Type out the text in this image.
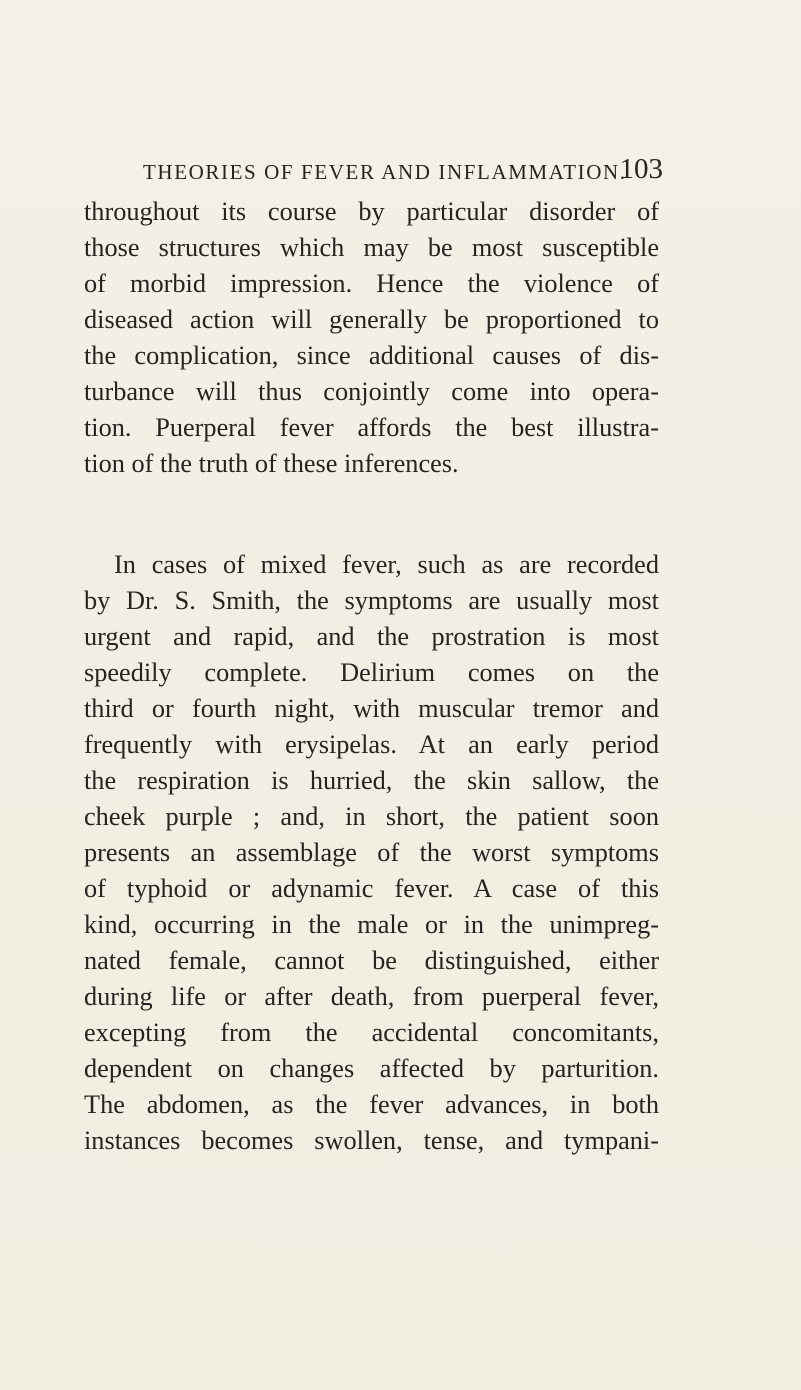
THEORIES OF FEVER AND INFLAMMATION.
103
throughout its course by particular disorder of
those structures which may be most susceptible
of morbid impression. Hence the violence of
diseased action will generally be proportioned to
the complication, since additional causes of dis-
turbance will thus conjointly come into opera-
tion. Puerperal fever affords the best illustra-
tion of the truth of these inferences.
In cases of mixed fever, such as are recorded
by Dr. S. Smith, the symptoms are usually most
urgent and rapid, and the prostration is most
speedily complete. Delirium comes on the
third or fourth night, with muscular tremor and
frequently with erysipelas. At an early period
the respiration is hurried, the skin sallow, the
cheek purple ; and, in short, the patient soon
presents an assemblage of the worst symptoms
of typhoid or adynamic fever. A case of this
kind, occurring in the male or in the unimpreg-
nated female, cannot be distinguished, either
during life or after death, from puerperal fever,
excepting from the accidental concomitants,
dependent on changes affected by parturition.
The abdomen, as the fever advances, in both
instances becomes swollen, tense, and tympani-
